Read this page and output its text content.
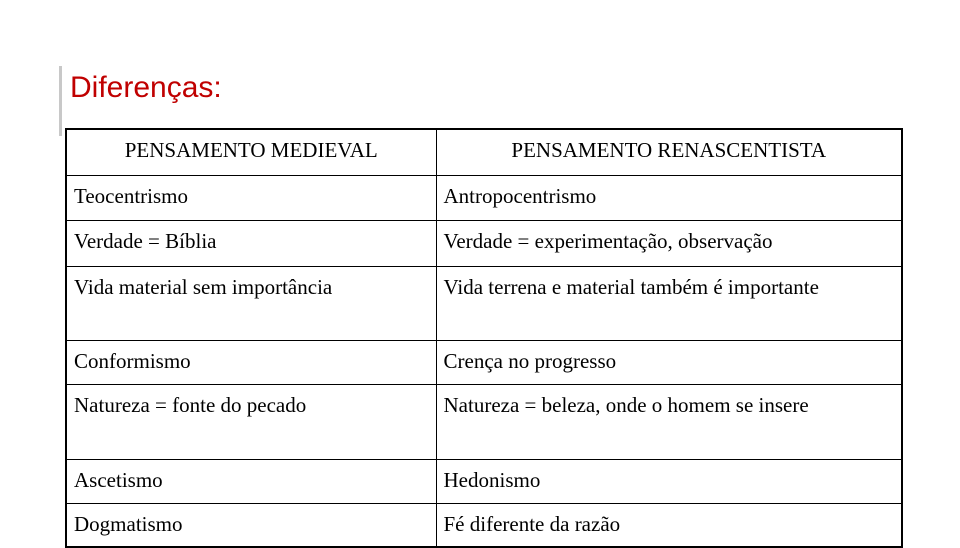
Diferenças:
PENSAMENTO MEDIEVAL	PENSAMENTO RENASCENTISTA
Teocentrismo	Antropocentrismo
Verdade = Bíblia	Verdade = experimentação, observação
Vida material sem importância	Vida terrena e material também é importante
Conformismo	Crença no progresso
Natureza = fonte do pecado	Natureza = beleza, onde o homem se insere
Ascetismo	Hedonismo
Dogmatismo	Fé diferente da razão
